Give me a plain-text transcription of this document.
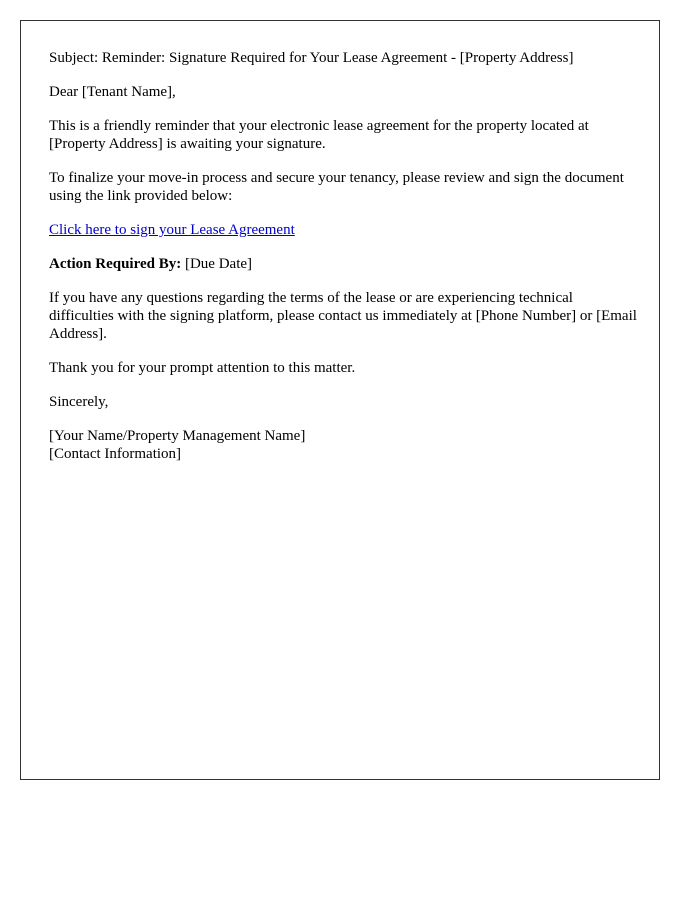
Subject: Reminder: Signature Required for Your Lease Agreement - [Property Address]

Dear [Tenant Name],

This is a friendly reminder that your electronic lease agreement for the property located at [Property Address] is awaiting your signature.

To finalize your move-in process and secure your tenancy, please review and sign the document using the link provided below:

Click here to sign your Lease Agreement

Action Required By: [Due Date]

If you have any questions regarding the terms of the lease or are experiencing technical difficulties with the signing platform, please contact us immediately at [Phone Number] or [Email Address].

Thank you for your prompt attention to this matter.

Sincerely,

[Your Name/Property Management Name]
[Contact Information]
